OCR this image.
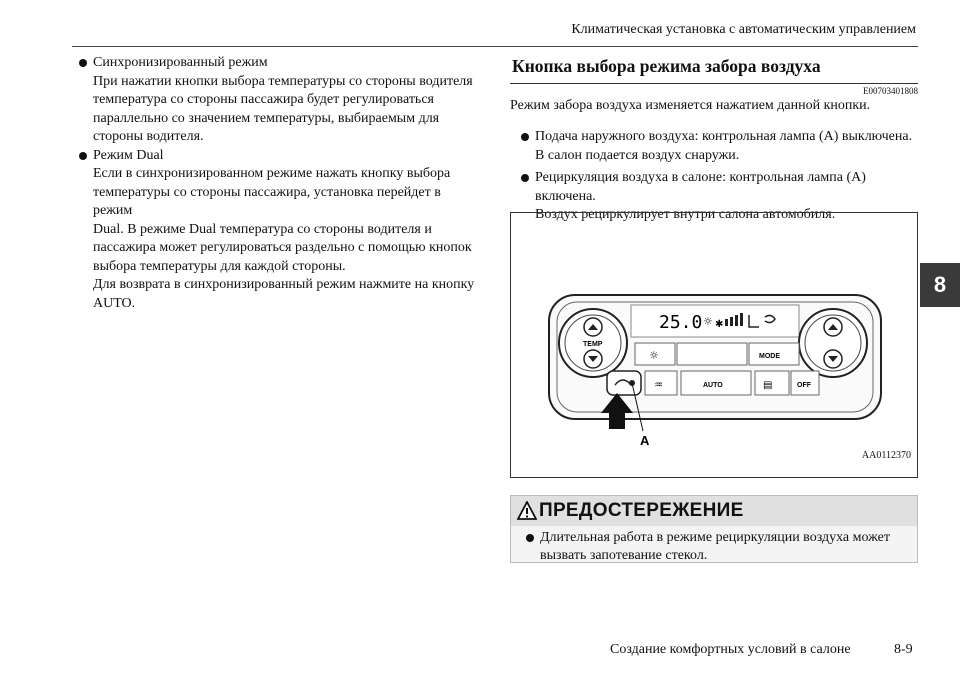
Климатическая установка с автоматическим управлением
8

Синхронизированный режим

При нажатии кнопки выбора температуры со стороны водителя

температура со стороны пассажира будет регулироваться

параллельно со значением температуры, выбираемым для

стороны водителя.

Режим Dual

Если в синхронизированном режиме нажать кнопку выбора

температуры со стороны пассажира, установка перейдет в режим

Dual. В режиме Dual температура со стороны водителя и

пассажира может регулироваться раздельно с помощью кнопок

выбора температуры для каждой стороны.

Для возврата в синхронизированный режим нажмите на кнопку

AUTO.

Кнопка выбора режима забора воздуха
E00703401808
Режим забора воздуха изменяется нажатием данной кнопки.

Подача наружного воздуха: контрольная лампа (A) выключена.

В салон подается воздух снаружи.

Рециркуляция воздуха в салоне: контрольная лампа (A) включена.

Воздух рециркулирует внутри салона автомобиля.

25.0 ☼ ✱
TEMP
☼	MODE
♒	AUTO	▤	OFF
A
AA0112370
ПРЕДОСТЕРЕЖЕНИЕ

Длительная работа в режиме рециркуляции воздуха может

вызвать запотевание стекол.

Создание комфортных условий в салоне	8-9
